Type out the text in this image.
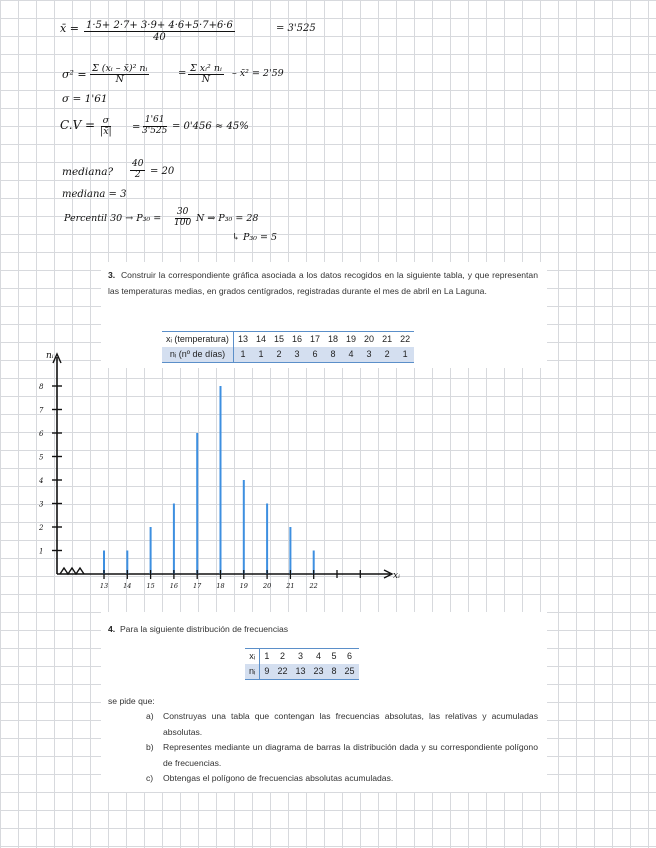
x̄ = $\frac{1\cdot 5+ 2\cdot 7+ 3\cdot 9+ 4\cdot 6+5\cdot 7+6\cdot 6}{40}$	= 3'525
$\sigma^2 = \frac{\text{Σ (xᵢ – x̄)² nᵢ}}{N}$	= $\frac{\text{Σ xᵢ² nᵢ}}{N}$ – x̄² = 2'59
σ = 1'61
$C.V = \frac{\sigma}{|x̄|} = \frac{1'61}{3'525} = 0'456 \approx 45\%$
mediana? $\frac{40}{2} = 20$
mediana = 3
Percentil $30 \to P_{30} = \frac{30}{100}$ N ⇒ P₃₀ = 28
↳ P₃₀ = 5
3. Construir la correspondiente gráfica asociada a los datos recogidos en la siguiente tabla, y que representan las temperaturas medias, en grados centígrados, registradas durante el mes de abril en La Laguna.
xᵢ (temperatura)	13	14	15	16	17	18	19	20	21	22
nᵢ (nº de días)	1	1	2	3	6	8	4	3	2	1
nᵢ
xᵢ
1
2
3
4
5
6
7
8
13 14 15 16 17 18 19 20 21 22
4. Para la siguiente distribución de frecuencias
xᵢ	1	2	3	4	5	6
nᵢ	9	22	13	23	8	25
se pide que:
a) Construyas una tabla que contengan las frecuencias absolutas, las relativas y acumuladas absolutas.
b) Representes mediante un diagrama de barras la distribución dada y su correspondiente polígono de frecuencias.
c) Obtengas el polígono de frecuencias absolutas acumuladas.
